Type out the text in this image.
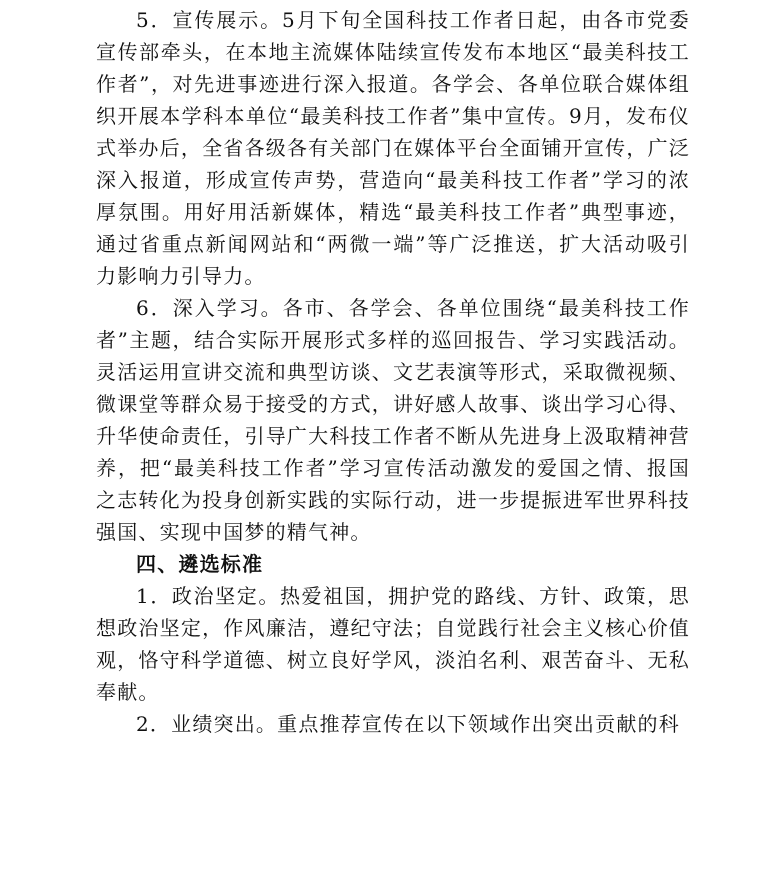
5．宣传展示。5月下旬全国科技工作者日起，由各市党委宣传部牵头，在本地主流媒体陆续宣传发布本地区“最美科技工作者”，对先进事迹进行深入报道。各学会、各单位联合媒体组织开展本学科本单位“最美科技工作者”集中宣传。9月，发布仪式举办后，全省各级各有关部门在媒体平台全面铺开宣传，广泛深入报道，形成宣传声势，营造向“最美科技工作者”学习的浓厚氛围。用好用活新媒体，精选“最美科技工作者”典型事迹，通过省重点新闻网站和“两微一端”等广泛推送，扩大活动吸引力影响力引导力。

6．深入学习。各市、各学会、各单位围绕“最美科技工作者”主题，结合实际开展形式多样的巡回报告、学习实践活动。灵活运用宣讲交流和典型访谈、文艺表演等形式，采取微视频、微课堂等群众易于接受的方式，讲好感人故事、谈出学习心得、升华使命责任，引导广大科技工作者不断从先进身上汲取精神营养，把“最美科技工作者”学习宣传活动激发的爱国之情、报国之志转化为投身创新实践的实际行动，进一步提振进军世界科技强国、实现中国梦的精气神。

四、遴选标准

1．政治坚定。热爱祖国，拥护党的路线、方针、政策，思想政治坚定，作风廉洁，遵纪守法；自觉践行社会主义核心价值观，恪守科学道德、树立良好学风，淡泊名利、艰苦奋斗、无私奉献。

2．业绩突出。重点推荐宣传在以下领域作出突出贡献的科
